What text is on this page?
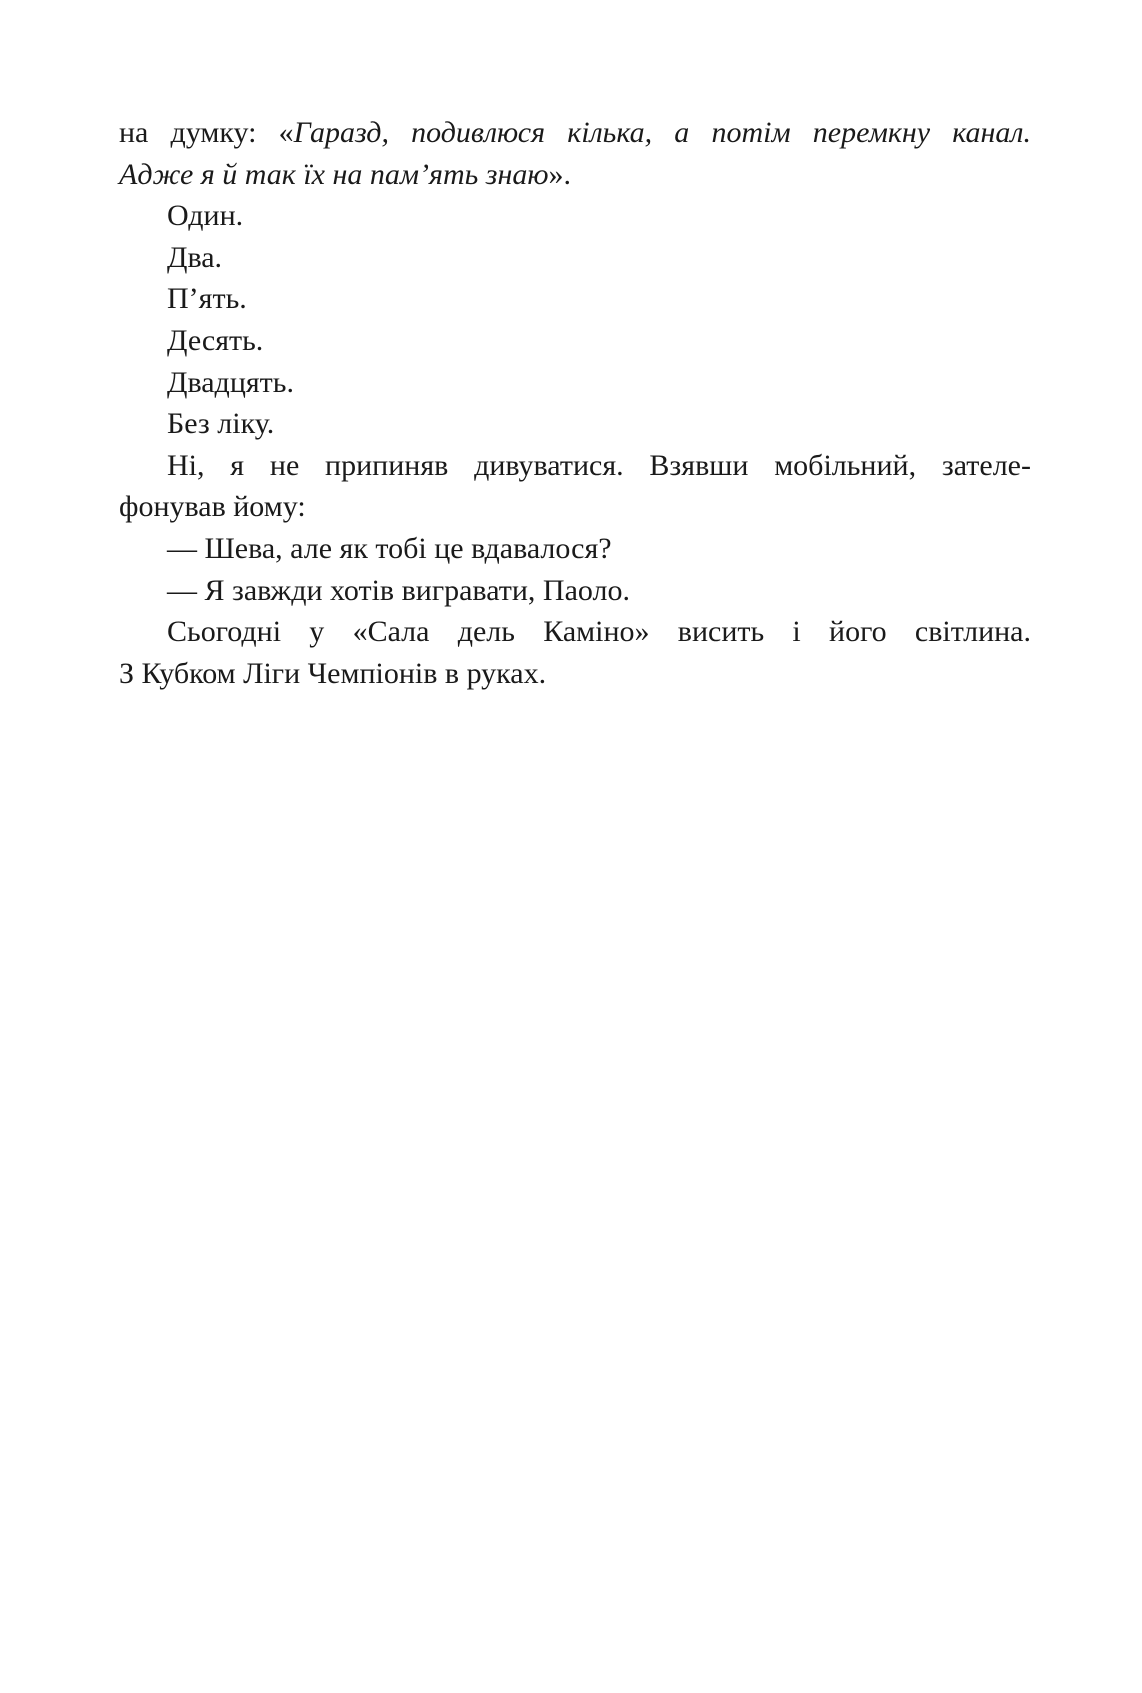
на думку: «Гаразд, подивлюся кілька, а потім перемкну канал.
Адже я й так їх на пам’ять знаю».
Один.
Два.
П’ять.
Десять.
Двадцять.
Без ліку.
Ні, я не припиняв дивуватися. Взявши мобільний, зателе-
фонував йому:
— Шева, але як тобі це вдавалося?
— Я завжди хотів вигравати, Паоло.
Сьогодні у «Сала дель Каміно» висить і його світлина.
З Кубком Ліги Чемпіонів в руках.
